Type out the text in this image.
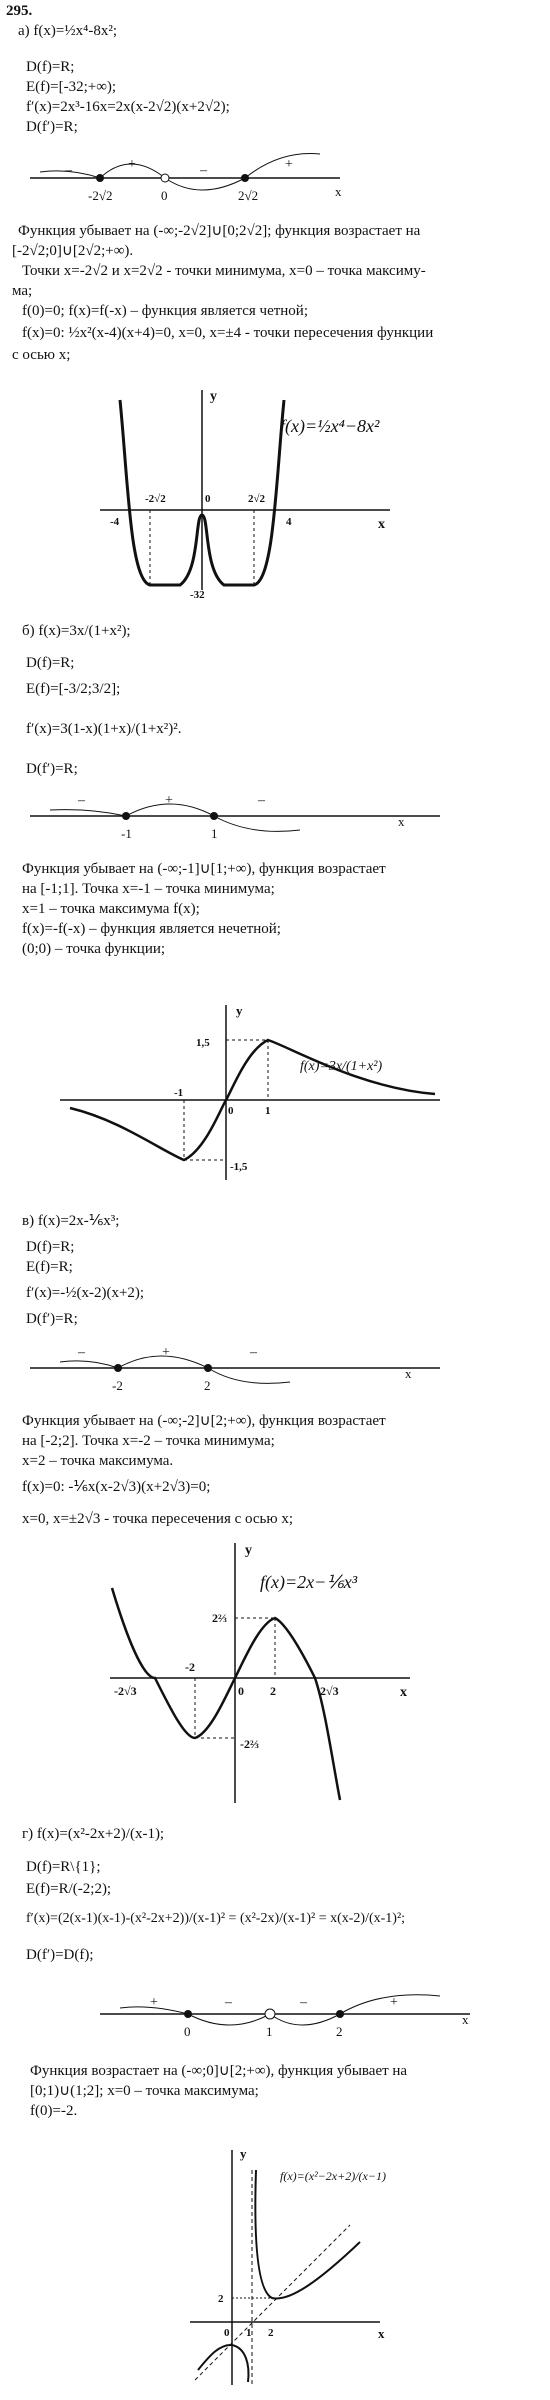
295.
а) f(x)=½x⁴-8x²;
D(f)=R;
E(f)=[-32;+∞);
f′(x)=2x³-16x=2x(x-2√2)(x+2√2);
D(f′)=R;
–	+	–	+
-2√2	0	2√2	x
Функция убывает на (-∞;-2√2]∪[0;2√2]; функция возрастает на
[-2√2;0]∪[2√2;+∞).
Точки x=-2√2 и x=2√2 - точки минимума, x=0 – точка максиму-
ма;
f(0)=0; f(x)=f(-x) – функция является четной;
f(x)=0: ½x²(x-4)(x+4)=0, x=0, x=±4 - точки пересечения функции
с осью x;
y
x
-4
-2√2	0	2√2
4
-32
f(x)=½x⁴−8x²
б) f(x)=3x/(1+x²);
D(f)=R;
E(f)=[-3/2;3/2];
f′(x)=3(1-x)(1+x)/(1+x²)².
D(f′)=R;
–	+	–
-1	1
x
Функция убывает на (-∞;-1]∪[1;+∞), функция возрастает
на [-1;1]. Точка x=-1 – точка минимума;
x=1 – точка максимума f(x);
f(x)=-f(-x) – функция является нечетной;
(0;0) – точка функции;
y
1,5
-1
0	1
-1,5
f(x)=3x/(1+x²)
в) f(x)=2x-⅙x³;
D(f)=R;
E(f)=R;
f′(x)=-½(x-2)(x+2);
D(f′)=R;
–	+	–
-2	2
x
Функция убывает на (-∞;-2]∪[2;+∞), функция возрастает
на [-2;2]. Точка x=-2 – точка минимума;
x=2 – точка максимума.
f(x)=0: -⅙x(x-2√3)(x+2√3)=0;
x=0, x=±2√3 - точка пересечения с осью x;
y
x
2⅔
-2√3
-2
0 2	2√3
-2⅔
f(x)=2x−⅙x³
г) f(x)=(x²-2x+2)/(x-1);
D(f)=R\{1};
E(f)=R/(-2;2);
f′(x)=(2(x-1)(x-1)-(x²-2x+2))/(x-1)² = (x²-2x)/(x-1)² = x(x-2)/(x-1)²;
D(f′)=D(f);
+	–	–	+
0	1	2
x
Функция возрастает на (-∞;0]∪[2;+∞), функция убывает на
[0;1)∪(1;2]; x=0 – точка максимума;
f(0)=-2.
y
x
2
0 1 2
f(x)=(x²−2x+2)/(x−1)
